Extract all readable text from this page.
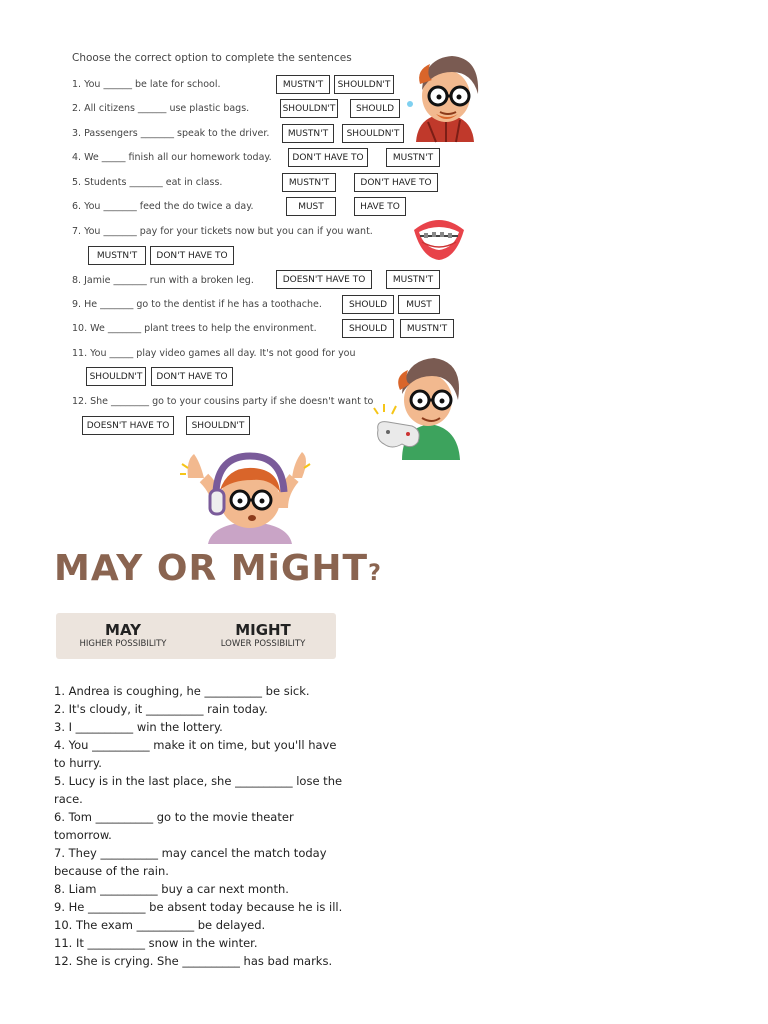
Choose the correct option to complete the sentences
1. You ______ be late for school.	MUSTN'T	SHOULDN'T
2. All citizens ______ use plastic bags.	SHOULDN'T	SHOULD
3. Passengers _______ speak to the driver.	MUSTN'T	SHOULDN'T
4. We _____ finish all our homework today.	DON'T HAVE TO	MUSTN'T
5. Students _______ eat in class.	MUSTN'T	DON'T HAVE TO
6. You _______ feed the do twice a day.	MUST	HAVE TO
7. You _______ pay for your tickets now but you can if you want.
MUSTN'T	DON'T HAVE TO
8. Jamie _______ run with a broken leg.	DOESN'T HAVE TO	MUSTN'T
9. He _______ go to the dentist if he has a toothache.	SHOULD	MUST
10. We _______ plant trees to help the environment.	SHOULD	MUSTN'T
11. You _____ play video games all day. It's not good for you
SHOULDN'T	DON'T HAVE TO
12. She ________ go to your cousins party if she doesn't want to
DOESN'T HAVE TO	SHOULDN'T
MAY OR MiGHT?
MAY
HIGHER POSSIBILITY
MIGHT
LOWER POSSIBILITY
1. Andrea is coughing, he __________ be sick.
2. It's cloudy, it __________ rain today.
3. I __________ win the lottery.
4. You __________ make it on time, but you'll have
to hurry.
5. Lucy is in the last place, she __________ lose the
race.
6. Tom __________ go to the movie theater
tomorrow.
7. They __________ may cancel the match today
because of the rain.
8. Liam __________ buy a car next month.
9. He __________ be absent today because he is ill.
10. The exam __________ be delayed.
11. It __________ snow in the winter.
12. She is crying. She __________ has bad marks.
